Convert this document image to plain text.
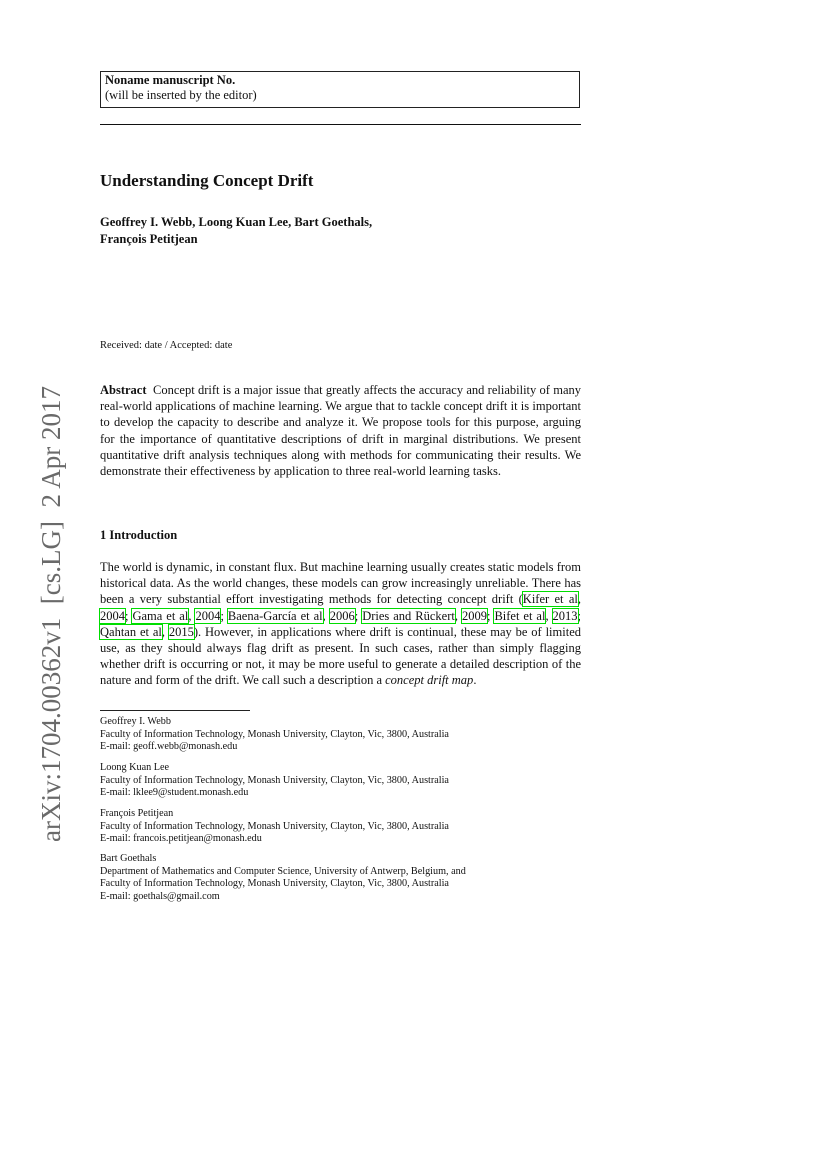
arXiv:1704.00362v1  [cs.LG]  2 Apr 2017
Noname manuscript No.
(will be inserted by the editor)
Understanding Concept Drift
Geoffrey I. Webb, Loong Kuan Lee, Bart Goethals,
François Petitjean
Received: date / Accepted: date
Abstract Concept drift is a major issue that greatly affects the accuracy and reliability of many real-world applications of machine learning. We argue that to tackle concept drift it is important to develop the capacity to describe and analyze it. We propose tools for this purpose, arguing for the importance of quantitative descriptions of drift in marginal distributions. We present quantitative drift analysis techniques along with methods for communicating their results. We demonstrate their effectiveness by application to three real-world learning tasks.
1 Introduction
The world is dynamic, in constant flux. But machine learning usually creates static models from historical data. As the world changes, these models can grow increasingly unreliable. There has been a very substantial effort investigating methods for detecting concept drift (Kifer et al, 2004; Gama et al, 2004; Baena-García et al, 2006; Dries and Rückert, 2009; Bifet et al, 2013; Qahtan et al, 2015). However, in applications where drift is continual, these may be of limited use, as they should always flag drift as present. In such cases, rather than simply flagging whether drift is occurring or not, it may be more useful to generate a detailed description of the nature and form of the drift. We call such a description a concept drift map.
Geoffrey I. Webb
Faculty of Information Technology, Monash University, Clayton, Vic, 3800, Australia
E-mail: geoff.webb@monash.edu
Loong Kuan Lee
Faculty of Information Technology, Monash University, Clayton, Vic, 3800, Australia
E-mail: lklee9@student.monash.edu
François Petitjean
Faculty of Information Technology, Monash University, Clayton, Vic, 3800, Australia
E-mail: francois.petitjean@monash.edu
Bart Goethals
Department of Mathematics and Computer Science, University of Antwerp, Belgium, and
Faculty of Information Technology, Monash University, Clayton, Vic, 3800, Australia
E-mail: goethals@gmail.com
